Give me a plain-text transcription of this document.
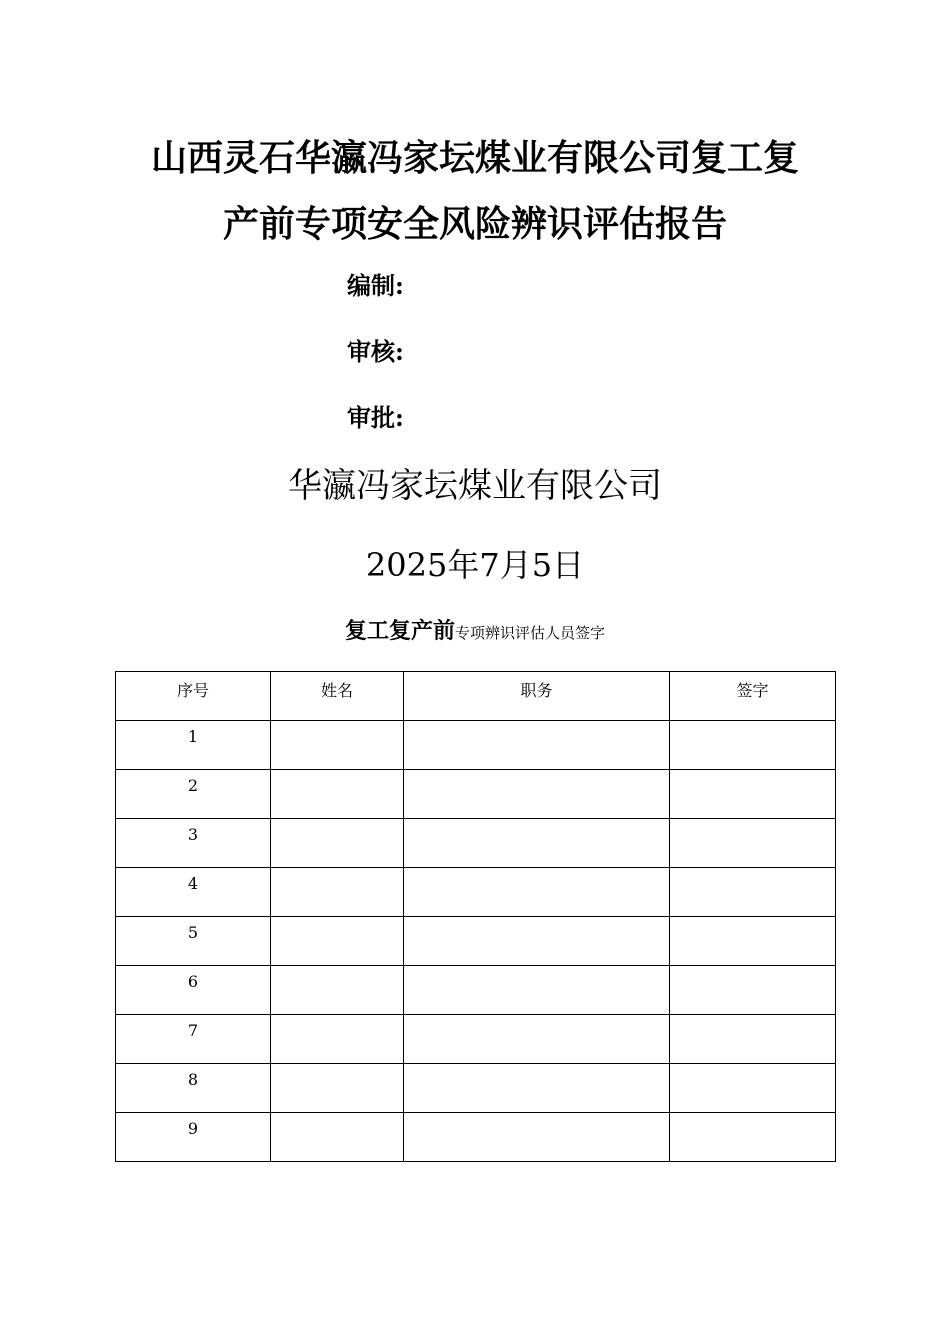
山西灵石华瀛冯家坛煤业有限公司复工复
产前专项安全风险辨识评估报告
编制:
审核:
审批:
华瀛冯家坛煤业有限公司
2025年7月5日
复工复产前专项辨识评估人员签字
序号	姓名	职务	签字

1			

2			

3			

4			

5			

6			

7			

8			

9			
